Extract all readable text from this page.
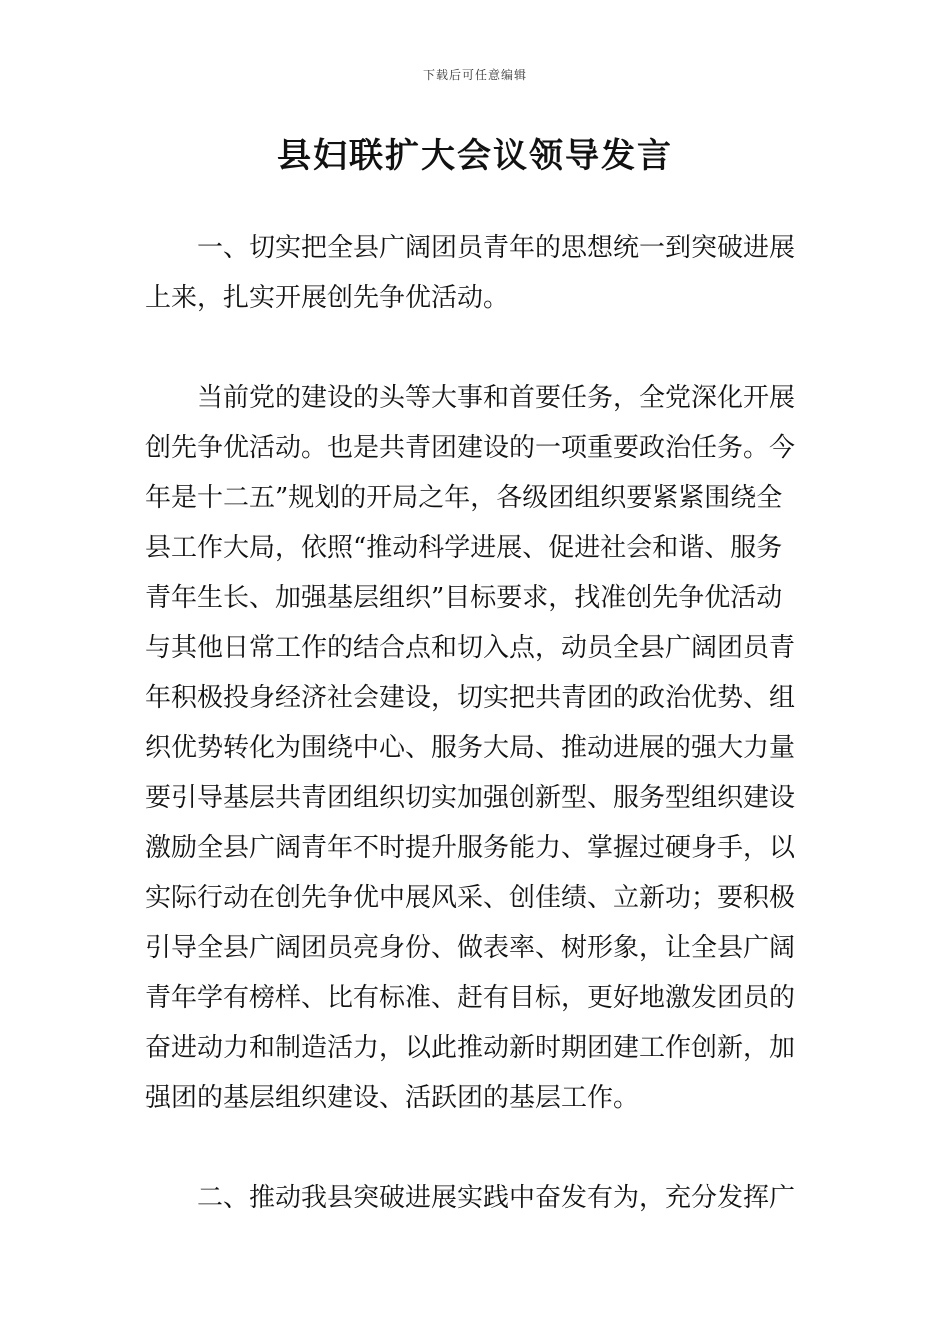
下载后可任意编辑
县妇联扩大会议领导发言

一、切实把全县广阔团员青年的思想统一到突破进展
上来，扎实开展创先争优活动。

当前党的建设的头等大事和首要任务，全党深化开展
创先争优活动。也是共青团建设的一项重要政治任务。今
年是十二五”规划的开局之年，各级团组织要紧紧围绕全
县工作大局，依照“推动科学进展、促进社会和谐、服务
青年生长、加强基层组织”目标要求，找准创先争优活动
与其他日常工作的结合点和切入点，动员全县广阔团员青
年积极投身经济社会建设，切实把共青团的政治优势、组
织优势转化为围绕中心、服务大局、推动进展的强大力量
要引导基层共青团组织切实加强创新型、服务型组织建设
激励全县广阔青年不时提升服务能力、掌握过硬身手，以
实际行动在创先争优中展风采、创佳绩、立新功；要积极
引导全县广阔团员亮身份、做表率、树形象，让全县广阔
青年学有榜样、比有标准、赶有目标，更好地激发团员的
奋进动力和制造活力，以此推动新时期团建工作创新，加
强团的基层组织建设、活跃团的基层工作。

二、推动我县突破进展实践中奋发有为，充分发挥广
